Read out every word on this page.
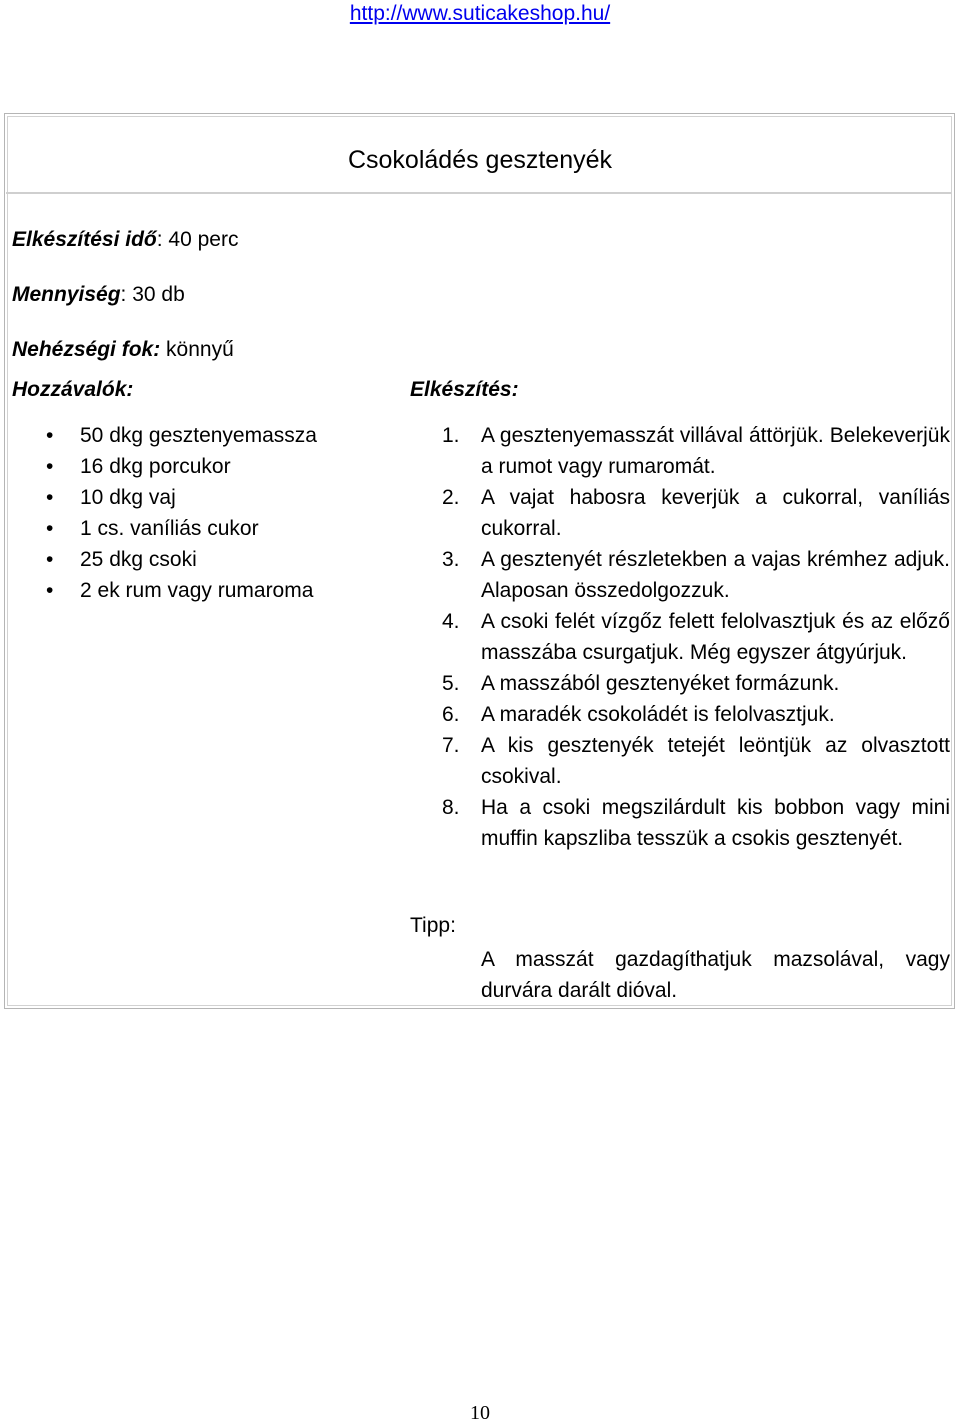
http://www.suticakeshop.hu/
Csokoládés gesztenyék
Elkészítési idő: 40 perc
Mennyiség: 30 db
Nehézségi fok: könnyű
Hozzávalók:	Elkészítés:
• 50 dkg gesztenyemassza
• 16 dkg porcukor
• 10 dkg vaj
• 1 cs. vaníliás cukor
• 25 dkg csoki
• 2 ek rum vagy rumaroma
1.	A gesztenyemasszát villával áttörjük. Belekeverjük a rumot vagy rumaromát.
2.	A vajat habosra keverjük a cukorral, vaníliás cukorral.
3.	A gesztenyét részletekben a vajas krémhez adjuk. Alaposan összedolgozzuk.
4.	A csoki felét vízgőz felett felolvasztjuk és az előző masszába csurgatjuk. Még egyszer átgyúrjuk.
5.	A masszából gesztenyéket formázunk.
6.	A maradék csokoládét is felolvasztjuk.
7.	A kis gesztenyék tetejét leöntjük az olvasztott csokival.
8.	Ha a csoki megszilárdult kis bobbon vagy mini muffin kapszliba tesszük a csokis gesztenyét.
Tipp:
A masszát gazdagíthatjuk mazsolával, vagy durvára darált dióval.
10
